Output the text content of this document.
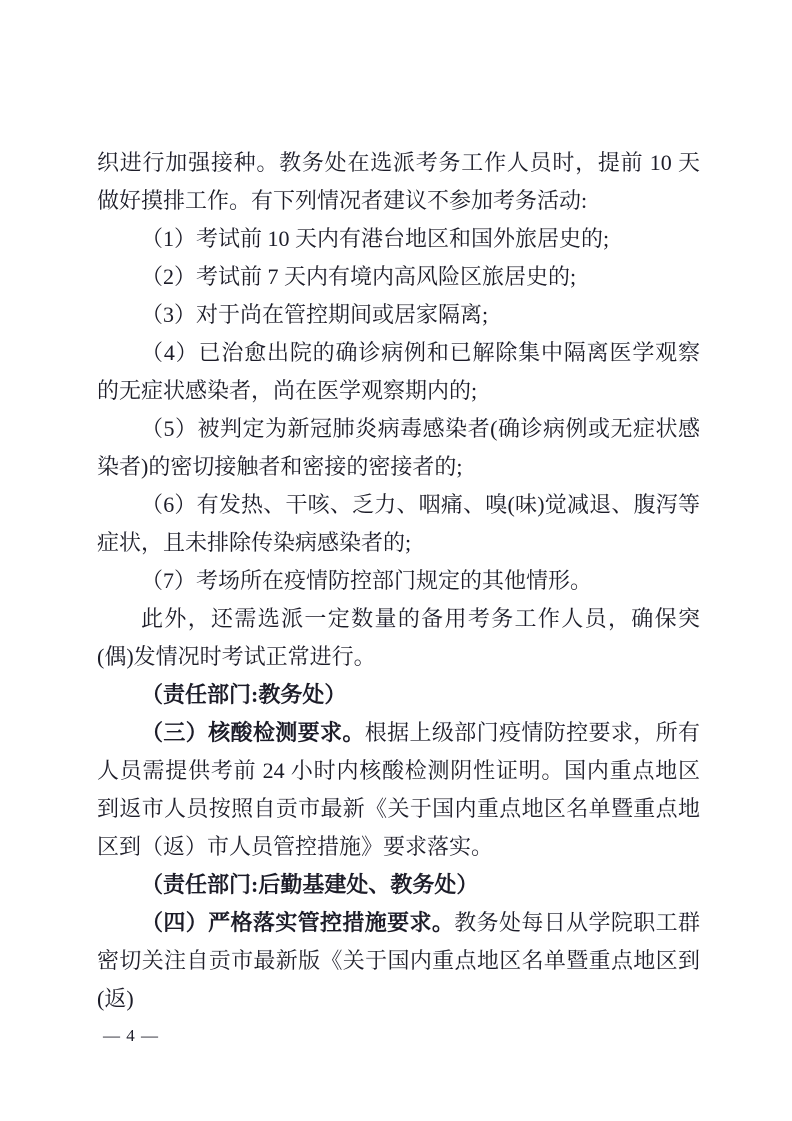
织进行加强接种。教务处在选派考务工作人员时，提前 10 天做好摸排工作。有下列情况者建议不参加考务活动:

（1）考试前 10 天内有港台地区和国外旅居史的;

（2）考试前 7 天内有境内高风险区旅居史的;

（3）对于尚在管控期间或居家隔离;

（4）已治愈出院的确诊病例和已解除集中隔离医学观察的无症状感染者，尚在医学观察期内的;

（5）被判定为新冠肺炎病毒感染者(确诊病例或无症状感染者)的密切接触者和密接的密接者的;

（6）有发热、干咳、乏力、咽痛、嗅(味)觉减退、腹泻等症状，且未排除传染病感染者的;

（7）考场所在疫情防控部门规定的其他情形。

此外，还需选派一定数量的备用考务工作人员，确保突(偶)发情况时考试正常进行。

（责任部门:教务处）

（三）核酸检测要求。根据上级部门疫情防控要求，所有人员需提供考前 24 小时内核酸检测阴性证明。国内重点地区到返市人员按照自贡市最新《关于国内重点地区名单暨重点地区到（返）市人员管控措施》要求落实。

（责任部门:后勤基建处、教务处）

（四）严格落实管控措施要求。教务处每日从学院职工群密切关注自贡市最新版《关于国内重点地区名单暨重点地区到(返)

— 4 —
